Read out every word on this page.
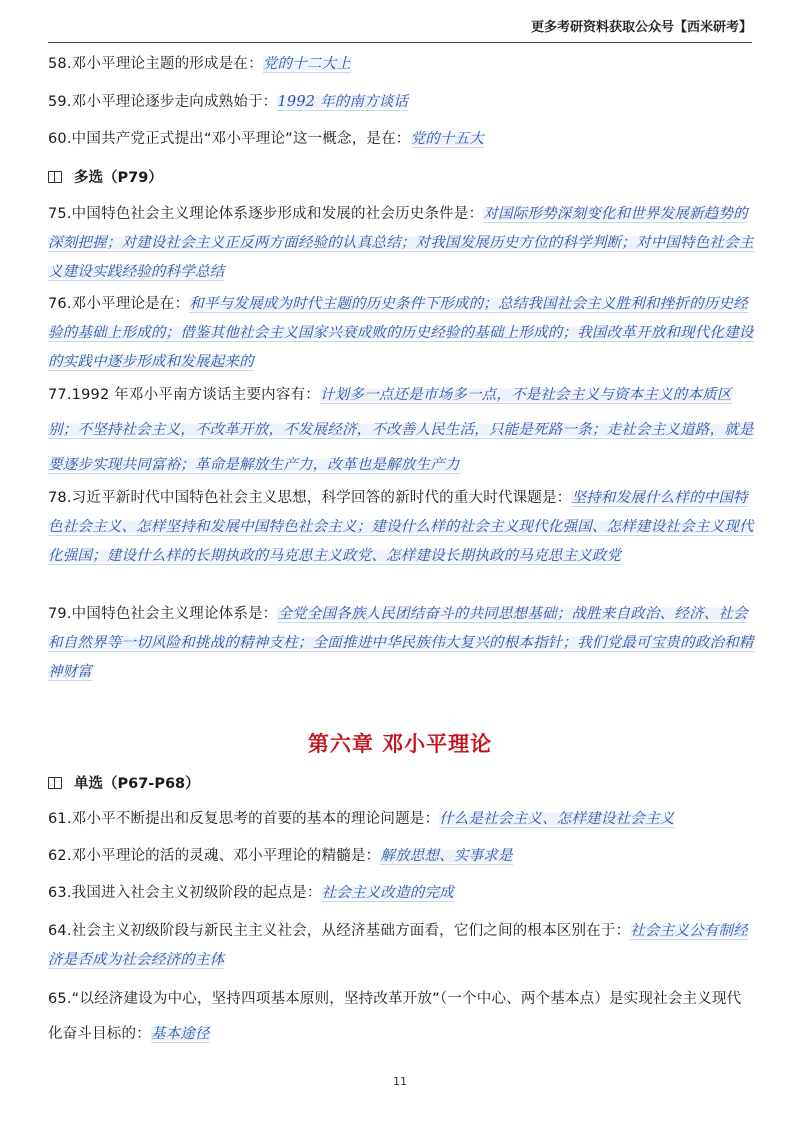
更多考研资料获取公众号【西米研考】
58.邓小平理论主题的形成是在：党的十二大上
59.邓小平理论逐步走向成熟始于：1992 年的南方谈话
60.中国共产党正式提出“邓小平理论”这一概念，是在：党的十五大
多选（P79）
75.中国特色社会主义理论体系逐步形成和发展的社会历史条件是：对国际形势深刻变化和世界发展新趋势的深刻把握；对建设社会主义正反两方面经验的认真总结；对我国发展历史方位的科学判断；对中国特色社会主义建设实践经验的科学总结
76.邓小平理论是在：和平与发展成为时代主题的历史条件下形成的；总结我国社会主义胜利和挫折的历史经验的基础上形成的；借鉴其他社会主义国家兴衰成败的历史经验的基础上形成的；我国改革开放和现代化建设的实践中逐步形成和发展起来的
77.1992 年邓小平南方谈话主要内容有：计划多一点还是市场多一点，不是社会主义与资本主义的本质区别；不坚持社会主义，不改革开放，不发展经济，不改善人民生活，只能是死路一条；走社会主义道路，就是要逐步实现共同富裕；革命是解放生产力，改革也是解放生产力
78.习近平新时代中国特色社会主义思想，科学回答的新时代的重大时代课题是：坚持和发展什么样的中国特色社会主义、怎样坚持和发展中国特色社会主义；建设什么样的社会主义现代化强国、怎样建设社会主义现代化强国；建设什么样的长期执政的马克思主义政党、怎样建设长期执政的马克思主义政党
79.中国特色社会主义理论体系是：全党全国各族人民团结奋斗的共同思想基础；战胜来自政治、经济、社会和自然界等一切风险和挑战的精神支柱；全面推进中华民族伟大复兴的根本指针；我们党最可宝贵的政治和精神财富
第六章 邓小平理论
单选（P67-P68）
61.邓小平不断提出和反复思考的首要的基本的理论问题是：什么是社会主义、怎样建设社会主义
62.邓小平理论的活的灵魂、邓小平理论的精髓是：解放思想、实事求是
63.我国进入社会主义初级阶段的起点是：社会主义改造的完成
64.社会主义初级阶段与新民主主义社会，从经济基础方面看，它们之间的根本区别在于：社会主义公有制经济是否成为社会经济的主体
65.“以经济建设为中心，坚持四项基本原则，坚持改革开放”（一个中心、两个基本点）是实现社会主义现代化奋斗目标的：基本途径
11
